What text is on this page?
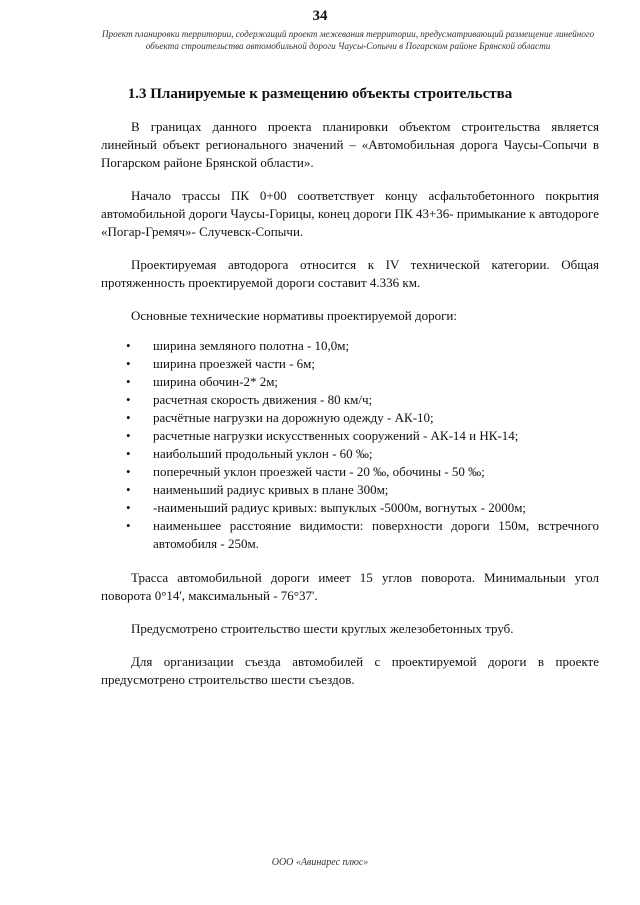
34
Проект планировки территории, содержащий проект межевания территории, предусматривающий размещение линейного объекта строительства автомобильной дороги Чаусы-Сопычи в Погарском районе Брянской области
1.3 Планируемые к размещению объекты строительства

В границах данного проекта планировки объектом строительства является линейный объект регионального значений – «Автомобильная дорога Чаусы-Сопычи в Погарском районе Брянской области».

Начало трассы ПК 0+00 соответствует концу асфальтобетонного покрытия автомобильной дороги Чаусы-Горицы, конец дороги ПК 43+36- примыкание к автодороге «Погар-Гремяч»- Случевск-Сопычи.

Проектируемая автодорога относится к IV технической категории. Общая протяженность проектируемой дороги составит 4.336 км.

Основные технические нормативы проектируемой дороги:

• ширина земляного полотна - 10,0м;
• ширина проезжей части - 6м;
• ширина обочин-2* 2м;
• расчетная скорость движения - 80 км/ч;
• расчётные нагрузки на дорожную одежду - АК-10;
• расчетные нагрузки искусственных сооружений - АК-14 и НК-14;
• наибольший продольный уклон - 60 ‰;
• поперечный уклон проезжей части - 20 ‰, обочины - 50 ‰;
• наименьший радиус кривых в плане 300м;
• -наименьший радиус кривых: выпуклых -5000м, вогнутых - 2000м;
• наименьшее расстояние видимости: поверхности дороги 150м, встречного автомобиля - 250м.

Трасса автомобильной дороги имеет 15 углов поворота. Минимальныи угол поворота 0°14', максимальный - 76°37'.

Предусмотрено строительство шести круглых железобетонных труб.

Для организации съезда автомобилей с проектируемой дороги в проекте предусмотрено строительство шести съездов.

ООО «Авинарес плюс»
